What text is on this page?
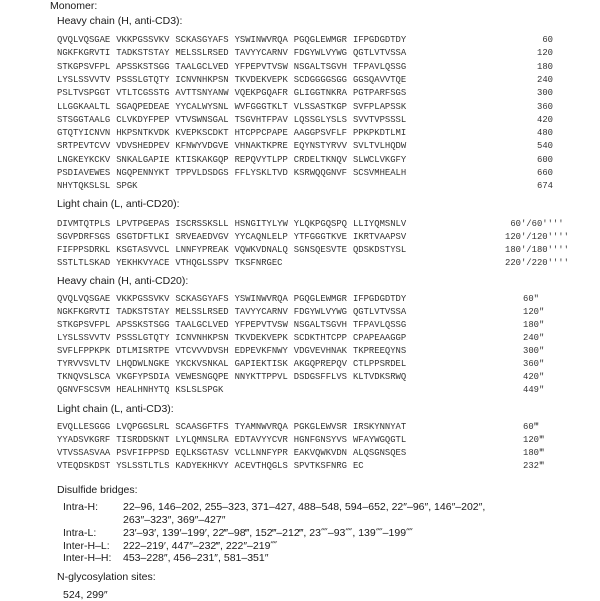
Monomer:
Heavy chain (H, anti-CD3):
QVQLVQSGAE VKKPGSSVKV SCKASGYAFS YSWINWVRQA PGQGLEWMGR IFPGDGDTDY	60
NGKFKGRVTI TADKSTSTAY MELSSLRSED TAVYYCARNV FDGYWLVYWG QGTLVTVSSA	120
STKGPSVFPL APSSKSTSGG TAALGCLVED YFPEPVTVSW NSGALTSGVH TFPAVLQSSG	180
LYSLSSVVTV PSSSLGTQTY ICNVNHKPSN TKVDEKVEPK SCDGGGGSGG GGSQAVVTQE	240
PSLTVSPGGT VTLTCGSSTG AVTTSNYANW VQEKPGQAFR GLIGGTNKRA PGTPARFSGS	300
LLGGKAALTL SGAQPEDEAE YYCALWYSNL WVFGGGTKLT VLSSASTKGP SVFPLAPSSK	360
STSGGTAALG CLVKDYFPEP VTVSWNSGAL TSGVHTFPAV LQSSGLYSLS SVVTVPSSSL	420
GTQTYICNVN HKPSNTKVDK KVEPKSCDKT HTCPPCPAPE AAGGPSVFLF PPKPKDTLMI	480
SRTPEVTCVV VDVSHEDPEV KFNWYVDGVE VHNAKTKPRE EQYNSTYRVV SVLTVLHQDW	540
LNGKEYKCKV SNKALGAPIE KTISKAKGQP REPQVYTLPP CRDELTKNQV SLWCLVKGFY	600
PSDIAVEWES NGQPENNYKT TPPVLDSDGS FFLYSKLTVD KSRWQQGNVF SCSVMHEALH	660
NHYTQKSLSL SPGK	674
Light chain (L, anti-CD20):
DIVMTQTPLS LPVTPGEPAS ISCRSSKSLL HSNGITYLYW YLQKPGQSPQ LLIYQMSNLV	60′/60′′′′
SGVPDRFSGS GSGTDFTLKI SRVEAEDVGV YYCAQNLELP YTFGGGTKVE IKRTVAAPSV	120′/120′′′′
FIFPPSDRKL KSGTASVVCL LNNFYPREAK VQWKVDNALQ SGNSQESVTE QDSKDSTYSL	180′/180′′′′
SSTLTLSKAD YEKHKVYACE VTHQGLSSPV TKSFNRGEC	220′/220′′′′
Heavy chain (H, anti-CD20):
QVQLVQSGAE VKKPGSSVKV SCKASGYAFS YSWINWVRQA PGQGLEWMGR IFPGDGDTDY	60″
NGKFKGRVTI TADKSTSTAY MELSSLRSED TAVYYCARNV FDGYWLVYWG QGTLVTVSSA	120″
STKGPSVFPL APSSKSTSGG TAALGCLVED YFPEPVTVSW NSGALTSGVH TFPAVLQSSG	180″
LYSLSSVVTV PSSSLGTQTY ICNVNHKPSN TKVDEKVEPK SCDKTHTCPP CPAPEAAGGP	240″
SVFLFPPKPK DTLMISRTPE VTCVVVDVSH EDPEVKFNWY VDGVEVHNAK TKPREEQYNS	300″
TYRVVSVLTV LHQDWLNGKE YKCKVSNKAL GAPIEKTISK AKGQPREPQV CTLPPSRDEL	360″
TKNQVSLSCA VKGFYPSDIA VEWESNGQPE NNYKTTPPVL DSDGSFFLVS KLTVDKSRWQ	420″
QGNVFSCSVM HEALHNHYTQ KSLSLSPGK	449″
Light chain (L, anti-CD3):
EVQLLESGGG LVQPGGSLRL SCAASGFTFS TYAMNWVRQA PGKGLEWVSR IRSKYNNYAT	60‴
YYADSVKGRF TISRDDSKNT LYLQMNSLRA EDTAVYYCVR HGNFGNSYVS WFAYWGQGTL	120‴
VTVSSASVAA PSVFIFPPSD EQLKSGTASV VCLLNNFYPR EAKVQWKVDN ALQSGNSQES	180‴
VTEQDSKDST YSLSSTLTLS KADYEKHKVY ACEVTHQGLS SPVTKSFNRG EC	232‴
Disulfide bridges:
Intra-H: 22–96, 146–202, 255–323, 371–427, 488–548, 594–652, 22″–96″, 146″–202″,
263″–323″, 369″–427″
Intra-L:	23′–93′, 139′–199′, 22‴–98‴, 152‴–212‴, 23⁗–93⁗, 139⁗–199⁗
Inter-H–L: 222–219′, 447″–232‴, 222″–219⁗
Inter-H–H: 453–228″, 456–231″, 581–351″
N-glycosylation sites:
524, 299″
